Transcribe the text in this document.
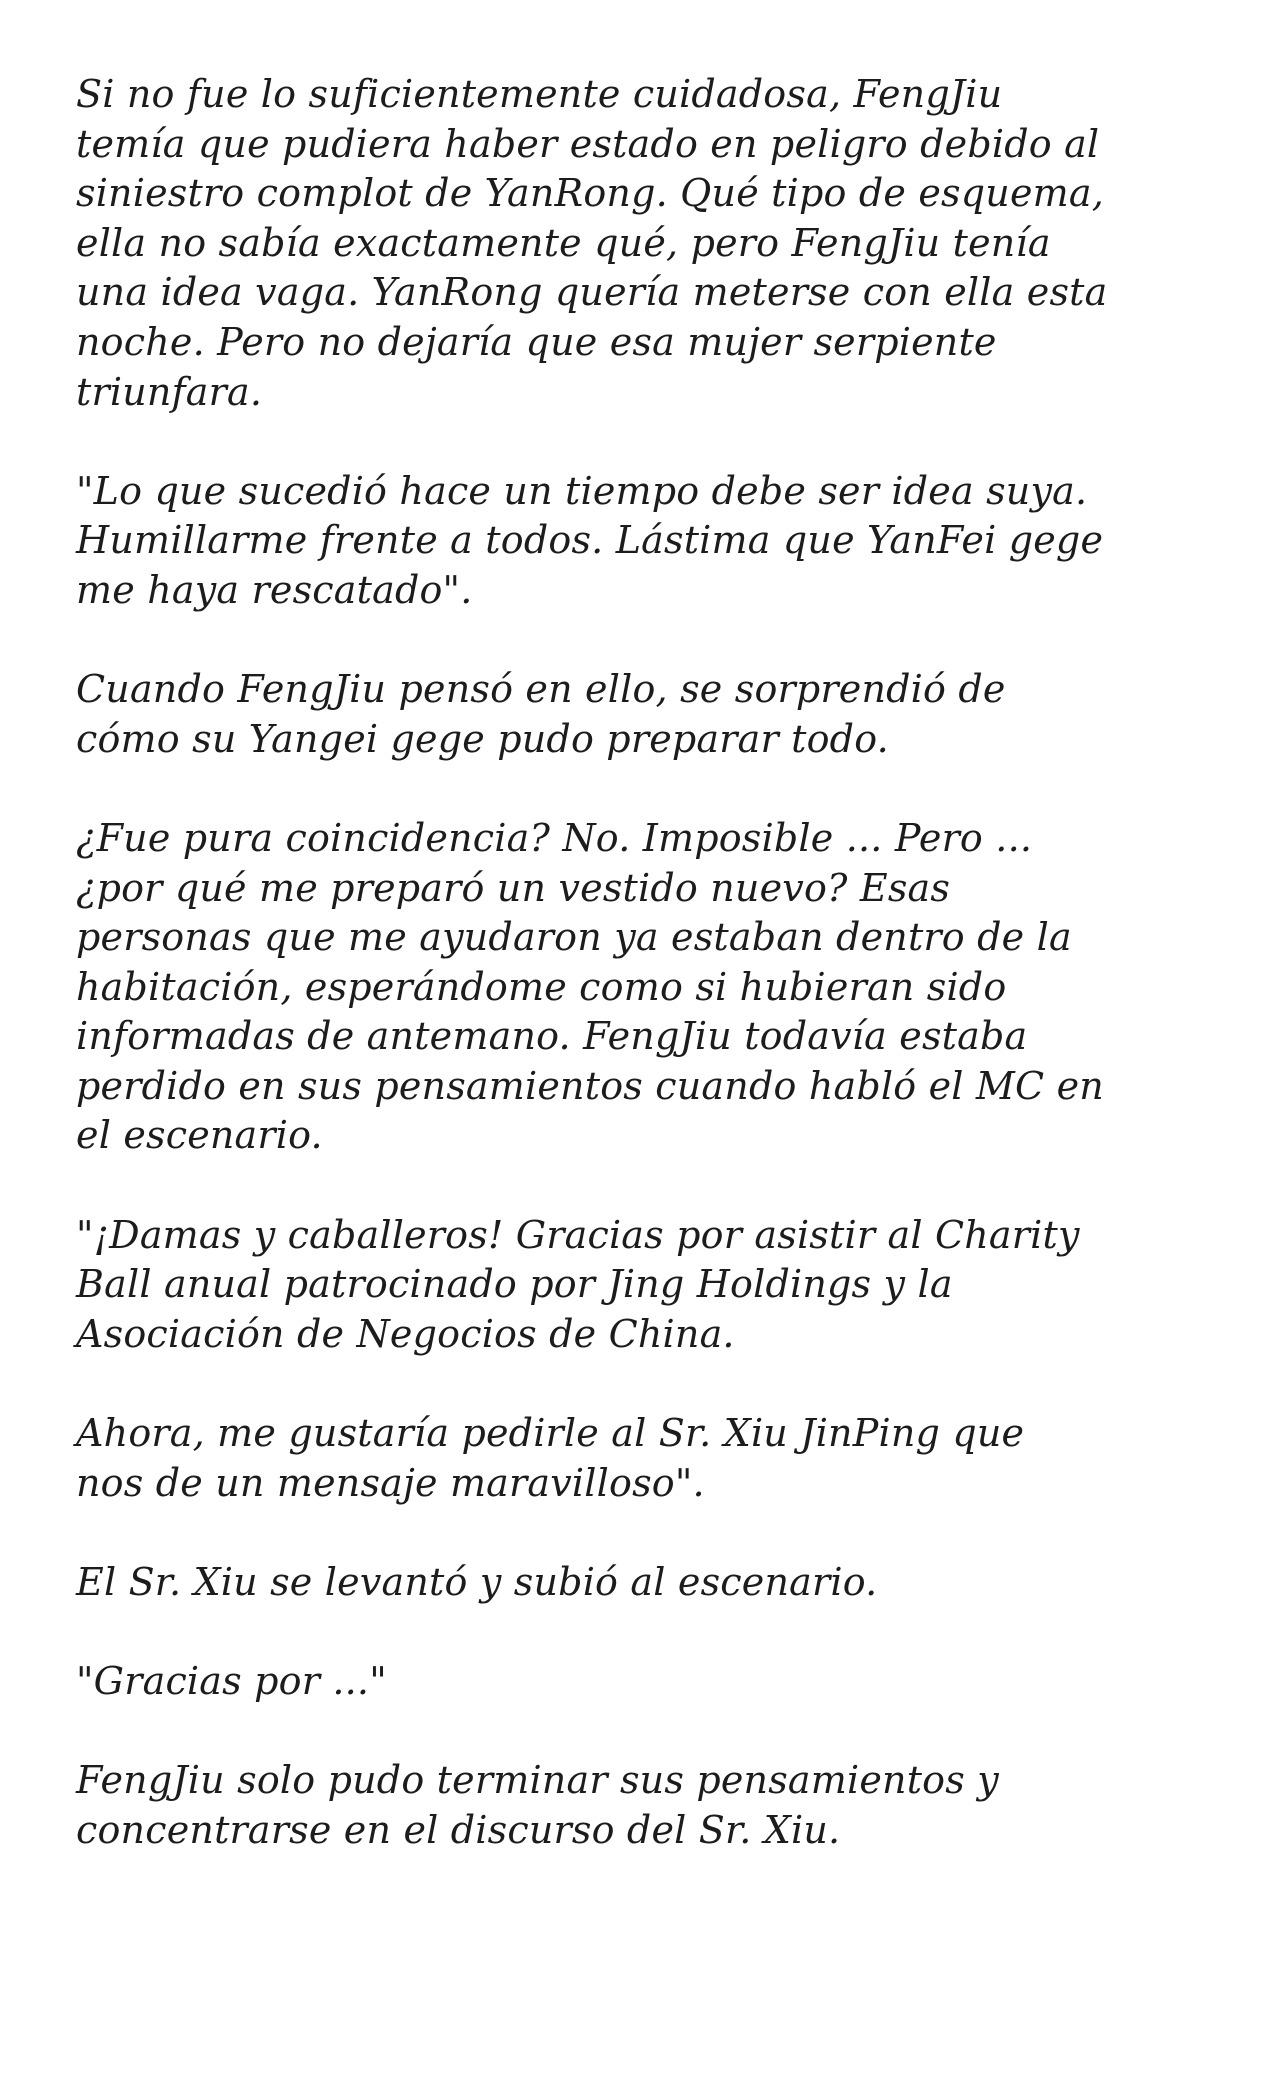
Si no fue lo suficientemente cuidadosa, FengJiu
temía que pudiera haber estado en peligro debido al
siniestro complot de YanRong. Qué tipo de esquema,
ella no sabía exactamente qué, pero FengJiu tenía
una idea vaga. YanRong quería meterse con ella esta
noche. Pero no dejaría que esa mujer serpiente
triunfara.
"Lo que sucedió hace un tiempo debe ser idea suya.
Humillarme frente a todos. Lástima que YanFei gege
me haya rescatado".
Cuando FengJiu pensó en ello, se sorprendió de
cómo su Yangei gege pudo preparar todo.
¿Fue pura coincidencia? No. Imposible ... Pero ...
¿por qué me preparó un vestido nuevo? Esas
personas que me ayudaron ya estaban dentro de la
habitación, esperándome como si hubieran sido
informadas de antemano. FengJiu todavía estaba
perdido en sus pensamientos cuando habló el MC en
el escenario.
"¡Damas y caballeros! Gracias por asistir al Charity
Ball anual patrocinado por Jing Holdings y la
Asociación de Negocios de China.
Ahora, me gustaría pedirle al Sr. Xiu JinPing que
nos de un mensaje maravilloso".
El Sr. Xiu se levantó y subió al escenario.
"Gracias por ..."
FengJiu solo pudo terminar sus pensamientos y
concentrarse en el discurso del Sr. Xiu.
